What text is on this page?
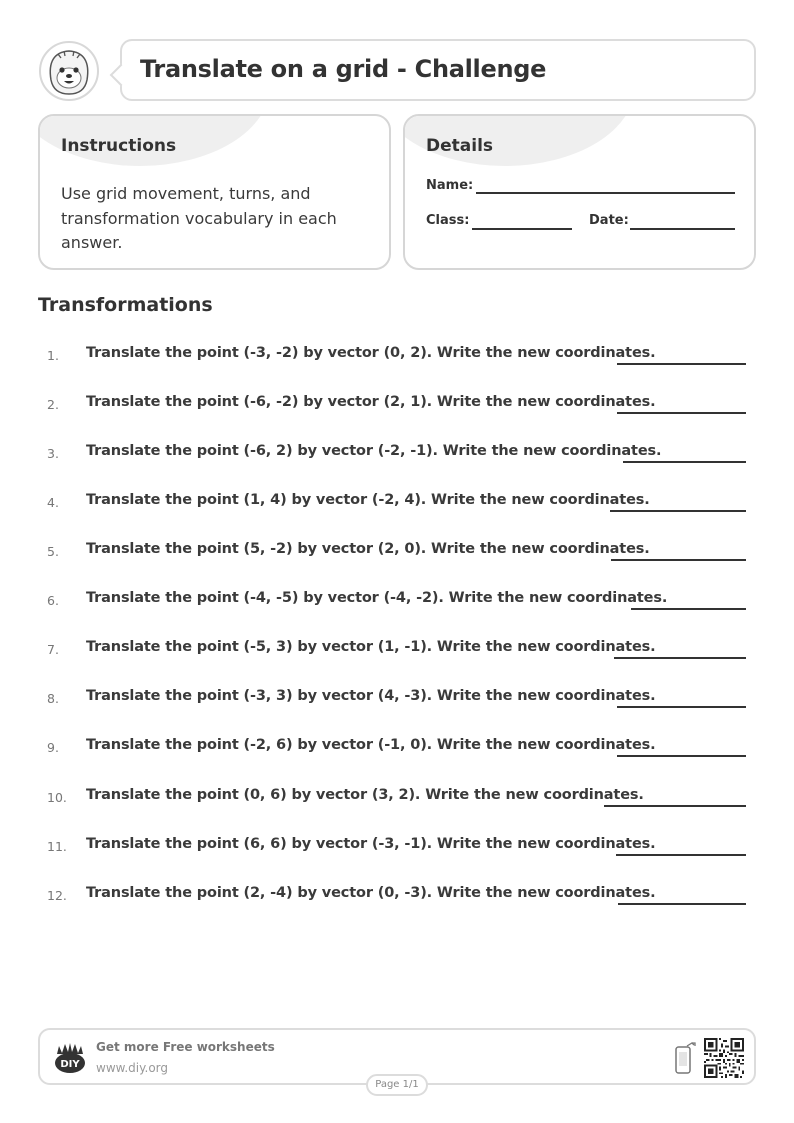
Translate on a grid - Challenge
Instructions
Use grid movement, turns, and transformation vocabulary in each answer.
Details
Name:
Class:	Date:
Transformations
1. Translate the point (-3, -2) by vector (0, 2). Write the new coordinates.
2. Translate the point (-6, -2) by vector (2, 1). Write the new coordinates.
3. Translate the point (-6, 2) by vector (-2, -1). Write the new coordinates.
4. Translate the point (1, 4) by vector (-2, 4). Write the new coordinates.
5. Translate the point (5, -2) by vector (2, 0). Write the new coordinates.
6. Translate the point (-4, -5) by vector (-4, -2). Write the new coordinates.
7. Translate the point (-5, 3) by vector (1, -1). Write the new coordinates.
8. Translate the point (-3, 3) by vector (4, -3). Write the new coordinates.
9. Translate the point (-2, 6) by vector (-1, 0). Write the new coordinates.
10. Translate the point (0, 6) by vector (3, 2). Write the new coordinates.
11. Translate the point (6, 6) by vector (-3, -1). Write the new coordinates.
12. Translate the point (2, -4) by vector (0, -3). Write the new coordinates.
DIY
Get more Free worksheets
www.diy.org
Page 1/1
